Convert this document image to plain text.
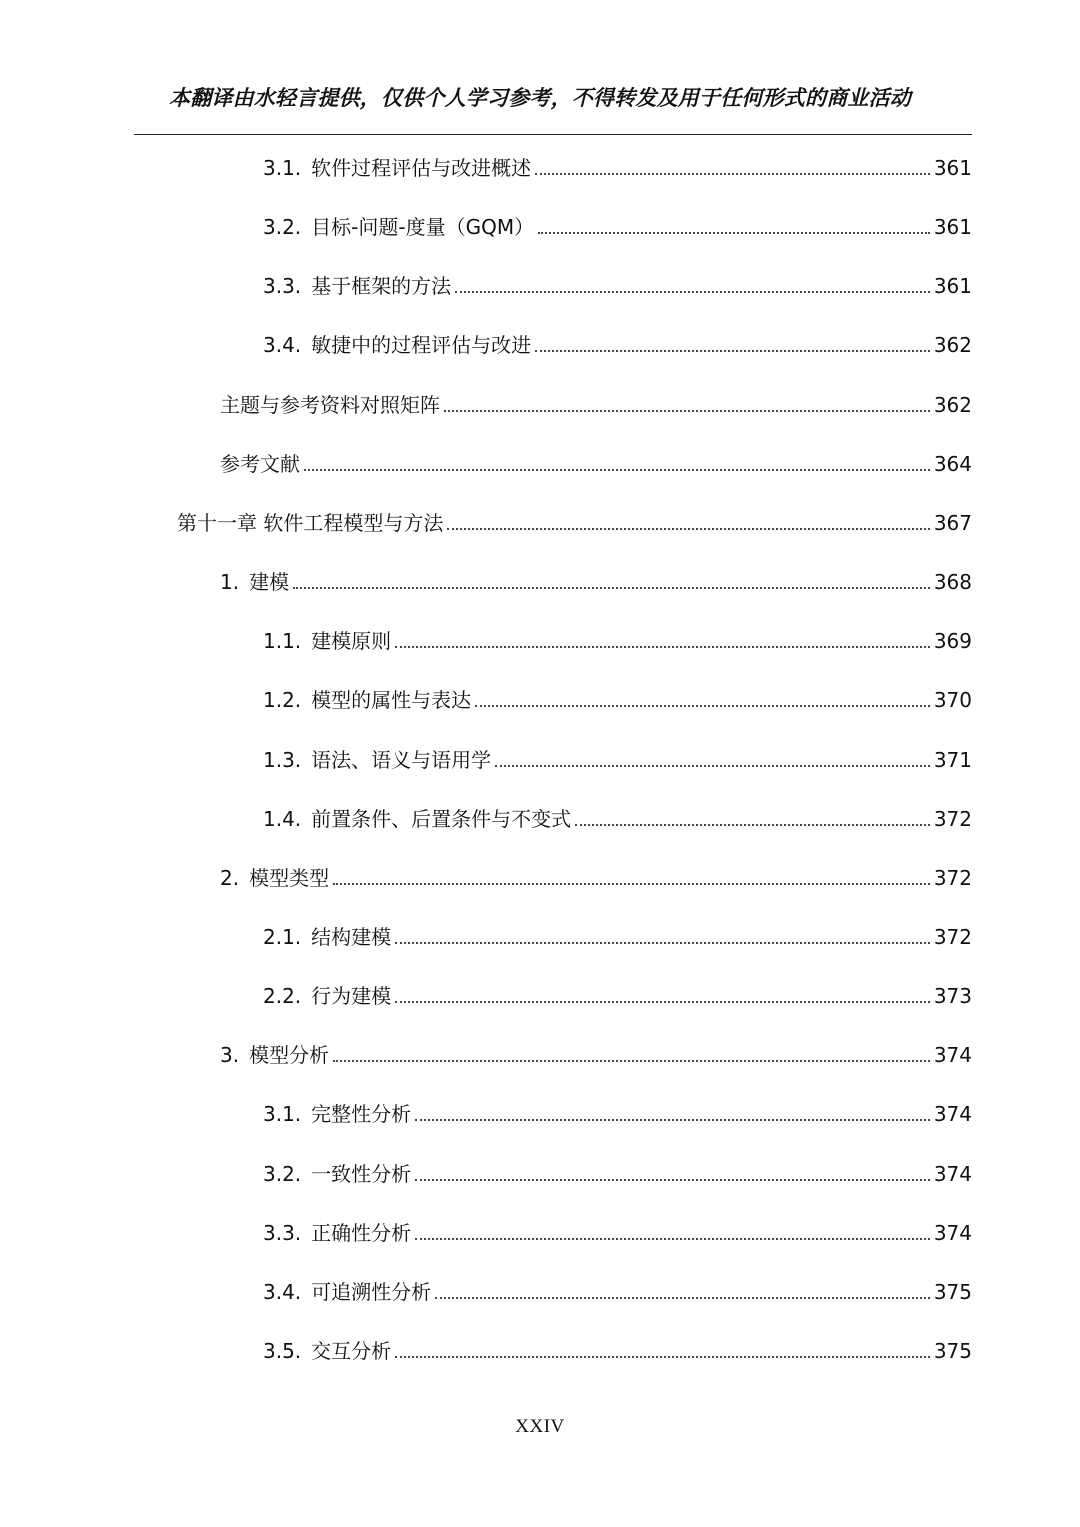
本翻译由水轻言提供，仅供个人学习参考，不得转发及用于任何形式的商业活动
3.1. 软件过程评估与改进概述	361
3.2. 目标-问题-度量（GQM）	361
3.3. 基于框架的方法	361
3.4. 敏捷中的过程评估与改进	362
主题与参考资料对照矩阵	362
参考文献	364
第十一章 软件工程模型与方法	367
1. 建模	368
1.1. 建模原则	369
1.2. 模型的属性与表达	370
1.3. 语法、语义与语用学	371
1.4. 前置条件、后置条件与不变式	372
2. 模型类型	372
2.1. 结构建模	372
2.2. 行为建模	373
3. 模型分析	374
3.1. 完整性分析	374
3.2. 一致性分析	374
3.3. 正确性分析	374
3.4. 可追溯性分析	375
3.5. 交互分析	375
XXIV
